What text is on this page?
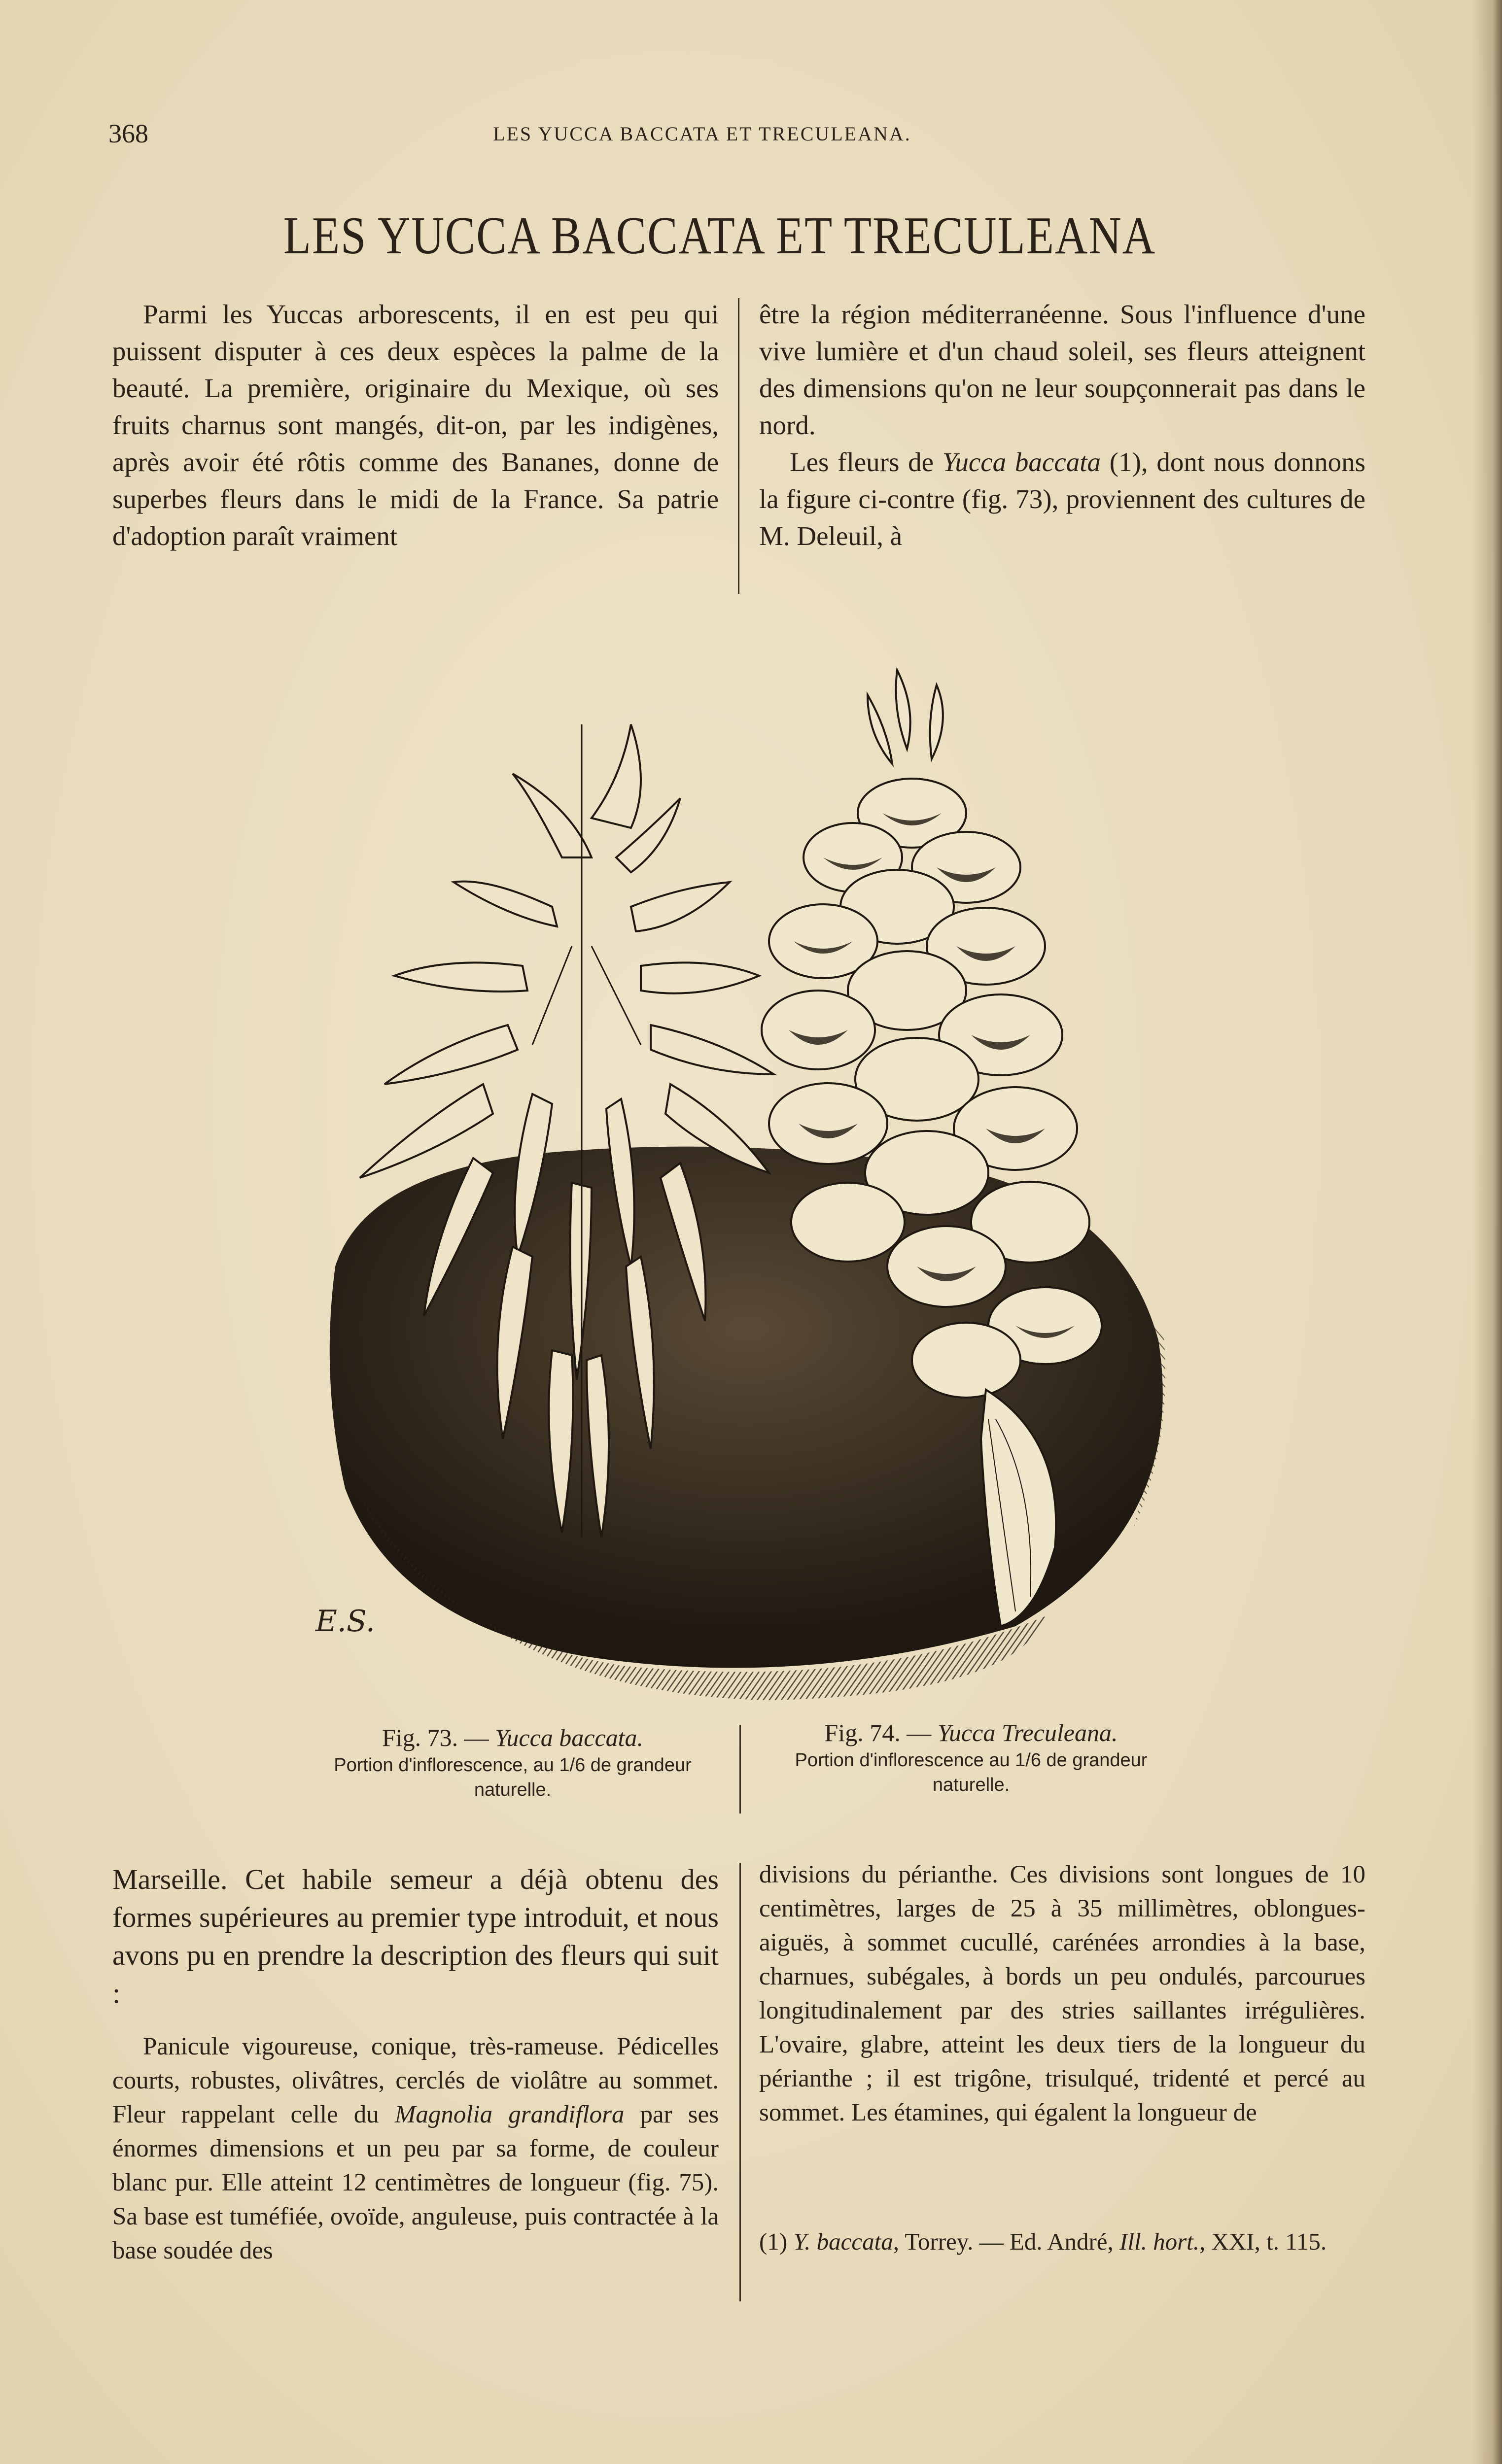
368	LES YUCCA BACCATA ET TRECULEANA.
LES YUCCA BACCATA ET TRECULEANA

Parmi les Yuccas arborescents, il en est peu qui puissent disputer à ces deux espèces la palme de la beauté. La première, originaire du Mexique, où ses fruits charnus sont mangés, dit-on, par les indigènes, après avoir été rôtis comme des Bananes, donne de superbes fleurs dans le midi de la France. Sa patrie d'adoption paraît vraiment

être la région méditerranéenne. Sous l'influence d'une vive lumière et d'un chaud soleil, ses fleurs atteignent des dimensions qu'on ne leur soupçonnerait pas dans le nord.

Les fleurs de Yucca baccata (1), dont nous donnons la figure ci-contre (fig. 73), proviennent des cultures de M. Deleuil, à

E.S.
Fig. 73. — Yucca baccata.
Portion d'inflorescence, au 1/6 de grandeur naturelle.
Fig. 74. — Yucca Treculeana.
Portion d'inflorescence au 1/6 de grandeur naturelle.

Marseille. Cet habile semeur a déjà obtenu des formes supérieures au premier type introduit, et nous avons pu en prendre la description des fleurs qui suit :

Panicule vigoureuse, conique, très-rameuse. Pédicelles courts, robustes, olivâtres, cerclés de violâtre au sommet. Fleur rappelant celle du Magnolia grandiflora par ses énormes dimensions et un peu par sa forme, de couleur blanc pur. Elle atteint 12 centimètres de longueur (fig. 75). Sa base est tuméfiée, ovoïde, anguleuse, puis contractée à la base soudée des

divisions du périanthe. Ces divisions sont longues de 10 centimètres, larges de 25 à 35 millimètres, oblongues-aiguës, à sommet cucullé, carénées arrondies à la base, charnues, subégales, à bords un peu ondulés, parcourues longitudinalement par des stries saillantes irrégulières. L'ovaire, glabre, atteint les deux tiers de la longueur du périanthe ; il est trigône, trisulqué, tridenté et percé au sommet. Les étamines, qui égalent la longueur de

(1) Y. baccata, Torrey. — Ed. André, Ill. hort., XXI, t. 115.
